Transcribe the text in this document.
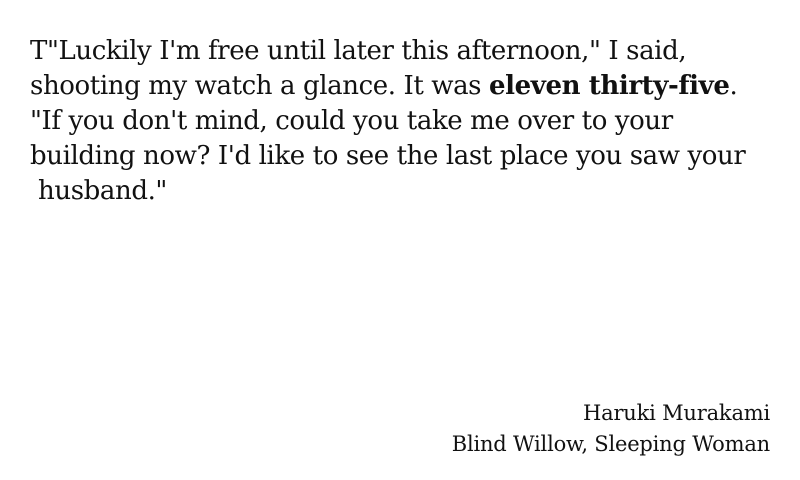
T"Luckily I'm free until later this afternoon," I said,
shooting my watch a glance. It was eleven thirty-five.
"If you don't mind, could you take me over to your
building now? I'd like to see the last place you saw your
husband."
Haruki Murakami
Blind Willow, Sleeping Woman
